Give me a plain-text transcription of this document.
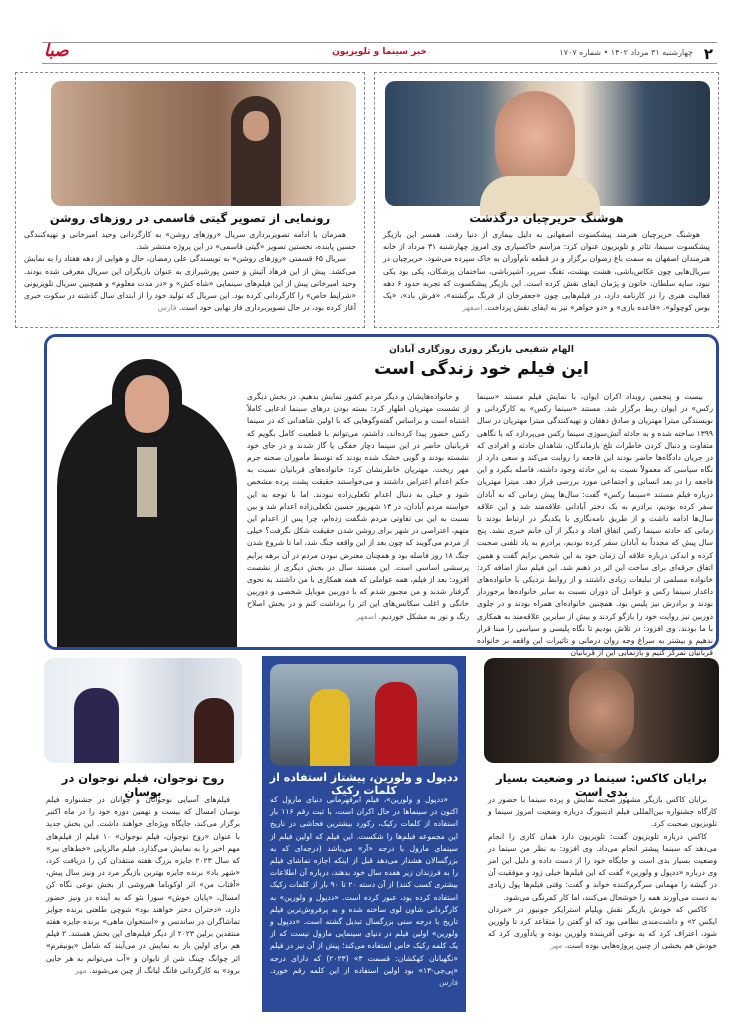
۲
چهارشنبه ۳۱ مرداد ۱۴۰۲ • شماره ۱۷۰۷
خبر سینما و تلویزیون
صبا
هوشنگ حریرچیان درگذشت

هوشنگ حریرچیان هنرمند پیشکسوت اصفهانی به دلیل بیماری از دنیا رفت. همسر این بازیگر پیشکسوت سینما، تئاتر و تلویزیون عنوان کرد: مراسم خاکسپاری وی امروز چهارشنبه ۳۱ مرداد از خانه هنرمندان اصفهان به سمت باغ رضوان برگزار و در قطعه نام‌آوران به خاک سپرده می‌شود. حریرچیان در سریال‌هایی چون عکاس‌باشی، هشت بهشت، تفنگ سرپر، آشپزباشی، ساختمان پزشکان، یکی بود یکی نبود، سایه سلطان، خاتون و پژمان ایفای نقش کرده است. این بازیگر پیشکسوت که تجربه حدود ۶ دهه فعالیت هنری را در کارنامه دارد، در فیلم‌هایی چون «جعفرخان از فرنگ برگشته»، «فرش باد»، «یک بوس کوچولو»، «قاعده بازی» و «دو خواهر» نیز به ایفای نقش پرداخت. اصفهر

رونمایی از تصویر گیتی قاسمی در روزهای روشن

همزمان با ادامه تصویربرداری سریال «روزهای روشن» به کارگردانی وحید امیرخانی و تهیه‌کنندگی حسین پابنده، نخستین تصویر «گیتی قاسمی» در این پروژه منتشر شد.

سریال ۶۵ قسمتی «روزهای روشن» به نویسندگی علی رمضان، حال و هوایی از دهه هفتاد را به نمایش می‌کشد. پیش از این فرهاد آئیش و حسن پورشیرازی به عنوان بازیگران این سریال معرفی شده بودند. وحید امیرخانی پیش از این فیلم‌های سینمایی «شاه کش» و «در مدت معلوم» و همچنین سریال تلویزیونی «شرایط خاص» را کارگردانی کرده بود. این سریال که تولید خود را از ابتدای سال گذشته در سکوت خبری آغاز کرده بود، در حال تصویربرداری فاز نهایی خود است. فارس

الهام شفیعی بازیگر روزی روزگاری آبادان
این فیلم خود زندگی است

بیست و پنجمین رویداد اکران ایوان، با نمایش فیلم مستند «سینما رکس» در ایوان ربط برگزار شد. مستند «سینما رکس» به کارگردانی و نویسندگی میترا مهتریان و صادق دهقان و تهیه‌کنندگی میترا مهتریان در سال ۱۳۹۹ ساخته شده و به حادثه آتش‌سوزی سینما رکس می‌پردازد که با نگاهی متفاوت و دنبال کردن خاطرات تلخ بازماندگان، شاهدان حادثه و افرادی که در جریان دادگاه‌ها حاضر بودند این فاجعه را روایت می‌کند و سعی دارد از نگاه سیاسی که معمولاً نسبت به این حادثه وجود داشته، فاصله بگیرد و این فاجعه را در بعد انسانی و اجتماعی مورد بررسی قرار دهد. میترا مهتریان درباره فیلم مستند «سینما رکس» گفت: سال‌ها پیش زمانی که به آبادان سفر کرده بودیم، برادرم به یک دختر آبادانی علاقه‌مند شد و این علاقه سال‌ها ادامه داشت و از طریق نامه‌نگاری با یکدیگر در ارتباط بودند تا زمانی که حادثه سینما رکس اتفاق افتاد و دیگر از آن خانم خبری نشد. پنج سال پیش که مجدداً به آبادان سفر کرده بودیم، برادرم به یاد تلفنی صحبت کرده و اندکی درباره علاقه آن زمان خود به این شخص برایم گفت و همین اتفاق جرقه‌ای برای ساخت این اثر در ذهنم شد. این فیلم ساز اضافه کرد: خانواده مسلمی از تبلیغات زیادی داشتند و از روابط نزدیکی با خانواده‌های داغدار سینما رکس و عوامل آن دوران نسبت به سایر خانواده‌ها برخوردار بودند و برادرش نیز پلیس بود. همچنین خانواده‌ای همراه بودند و در جلوی دوربین نیز روایت خود را بازگو کردند و بیش از سایرین علاقه‌مند به همکاری با ما بودند. وی افزود: در تلاش بودیم تا نگاه پلیسی و سیاسی را مبنا قرار ندهیم و بیشتر به سراغ وجه روان درمانی و تاثیرات این واقعه بر خانواده قربانیان تمرکز کنیم و بازنمایی این از قربانیان

و خانواده‌هایشان و دیگر مردم کشور نمایش بدهیم. در بخش دیگری از نشست مهتریان اظهار کرد: بسته بودن درهای سینما ادعایی کاملاً اشتباه است و براساس گفته‌وگوهایی که با اولین شاهدانی که در سینما رکس حضور پیدا کرده‌اند، داشتم، می‌توانم با قطعیت کامل بگویم که قربانیان حاضر در این سینما دچار خفگی یا گاز شدند و در جای خود نشسته بودند و گویی خشک شده بودند که توسط مأموران صحنه جرم مهر ریخت. مهتریان خاطرنشان کرد: خانواده‌های قربانیان نسبت به حکم اعدام اعتراض داشتند و می‌خواستند حقیقت پشت پرده مشخص شود و خیلی به دنبال اعدام تکعلی‌زاده نبودند. اما با توجه به این خواسته مردم آبادان، در ۱۳ شهریور حسین تکعلی‌زاده اعدام شد و بین نسبت به این بی تفاوتی مردم شگفت زده‌ام، چرا پس از اعدام این متهم، اعتراضی در شهر برای روشن شدن حقیقت شکل نگرفت؟ خیلی از مردم می‌گویند که چون بعد از این واقعه جنگ شد، اما تا شروع شدن جنگ ۱۸ روز فاصله بود و همچنان معترض نبودن مردم در آن برهه برایم پرسشی اساسی است. این مستند سال در بخش دیگری از نشست افزود: بعد از فیلم، همه عواملی که همه همکاری با من داشتند به نحوی گرفتار شدند و من مجبور شدم که با دوربین موبایل شخصی و دوربین خانگی و اغلب سکانس‌های این اثر را برداشت کنم و در بخش اصلاح رنگ و نور به مشکل خوردیم. اصفهر

برایان کاکس: سینما در وضعیت بسیار بدی است

برایان کاکس بازیگر مشهور صحنه نمایش و پرده سینما با حضور در کارگاه جشنواره بین‌المللی فیلم ادینبورگ درباره وضعیت امروز سینما و تلویزیون صحبت کرد.

کاکس درباره تلویزیون گفت: تلویزیون دارد همان کاری را انجام می‌دهد که سینما پیشتر انجام می‌داد. وی افزود: به نظر من سینما در وضعیت بسیار بدی است و جایگاه خود را از دست داده و دلیل این امر وی درباره «ددپول و ولورین» گفت که این فیلم‌ها خیلی زود و موفقیت آن در گیشه را مهمانی سرگرم‌کننده خواند و گفت: وقتی فیلم‌ها پول زیادی به دست می‌آورند همه را خوشحال می‌کنند، اما کار کمرنگی می‌شود.

کاکس که خودش بازیگر نقش ویلیام استرایکر جونیور در «مردان ایکس ۲» و داشت‌مندی نظامی بود که او گفتن را متقاعد کرد تا ولورین شود، اعتراف کرد که به نوعی آفریننده ولورین بوده و یادآوری کرد که خودش هم بخشی از چنین پروژه‌هایی بوده است. مهر

ددپول و ولورین، پیشتاز استفاده از کلمات رکیک

«ددپول و ولورین»، فیلم ابرقهرمانی دنیای مارول که اکنون در سینماها در حال اکران است، با ثبت رقم ۱۱۶ بار استفاده از کلمات رکیک، رکورد بیشترین فحاشی در تاریخ این مجموعه فیلم‌ها را شکست. این فیلم که اولین فیلم از سینمای مارول با درجه «آر» می‌باشد (درجه‌ای که به بزرگسالان هشدار می‌دهد قبل از اینکه اجازه تماشای فیلم را به فرزندان زیر هفده سال خود بدهند، درباره آن اطلاعات بیشتری کسب کنند) از آن دسته ۲۰ تا ۹۰ بار از کلمات رکیک استفاده کرده بود، عبور کرده است. «ددپول و ولورین» به کارگردانی شاون لوی ساخته شده و به پرفروش‌ترین فیلم تاریخ با درجه سنی بزرگسال تبدیل گشته است. «ددپول و ولورین» اولین فیلم در دنیای سینمایی مارول نیست که از یک کلمه رکیک خاص استفاده می‌کند؛ پیش از آن نیز در فیلم «نگهبانان کهکشان: قسمت ۳» (۲۰۲۳) که دارای درجه «پی‌جی-۱۳» بود اولین استفاده از این کلمه رقم خورد. فارس

روح نوجوان، فیلم نوجوان در بوسان

فیلم‌های آسیایی نوجوانان و جوانان در جشنواره فیلم بوسان امسال که بیست و نهمین دوره خود را در ماه اکتبر برگزار می‌کند، جایگاه ویژه‌ای خواهند داشت. این بخش جدید با عنوان «روح نوجوان، فیلم نوجوان» ۱۰ فیلم از فیلم‌های مهم اخیر را به نمایش می‌گذارد. فیلم مالزیایی «خط‌های ببر» که سال ۲۰۲۳ جایزه بزرگ هفته منتقدان کن را دریافت کرد، «شهر باد» برنده جایزه بهترین بازیگر مرد در ونیز سال پیش، «آفتاب من» اثر اوکوباما هیروشی از بخش نوعی نگاه کن امسال، «پایان خوش» سورا نئو که به آینده در ونیز حضور دارد، «دختران دختر خواهند بود» شوچی طلعتی برنده جوایز تماشاگران در ساندنس و «استخوان ماهی» برنده جایزه هفته منتقدین برلین ۲۰۲۳ از دیگر فیلم‌های این بخش هستند. ۲ فیلم هم برای اولین بار به نمایش در می‌آیند که شامل «یونیفرم» اثر چوانگ چینگ شن از تایوان و «آب می‌توانم به هر جایی برود» به کارگردانی فانگ لیانگ از چین می‌شوند. مهر
